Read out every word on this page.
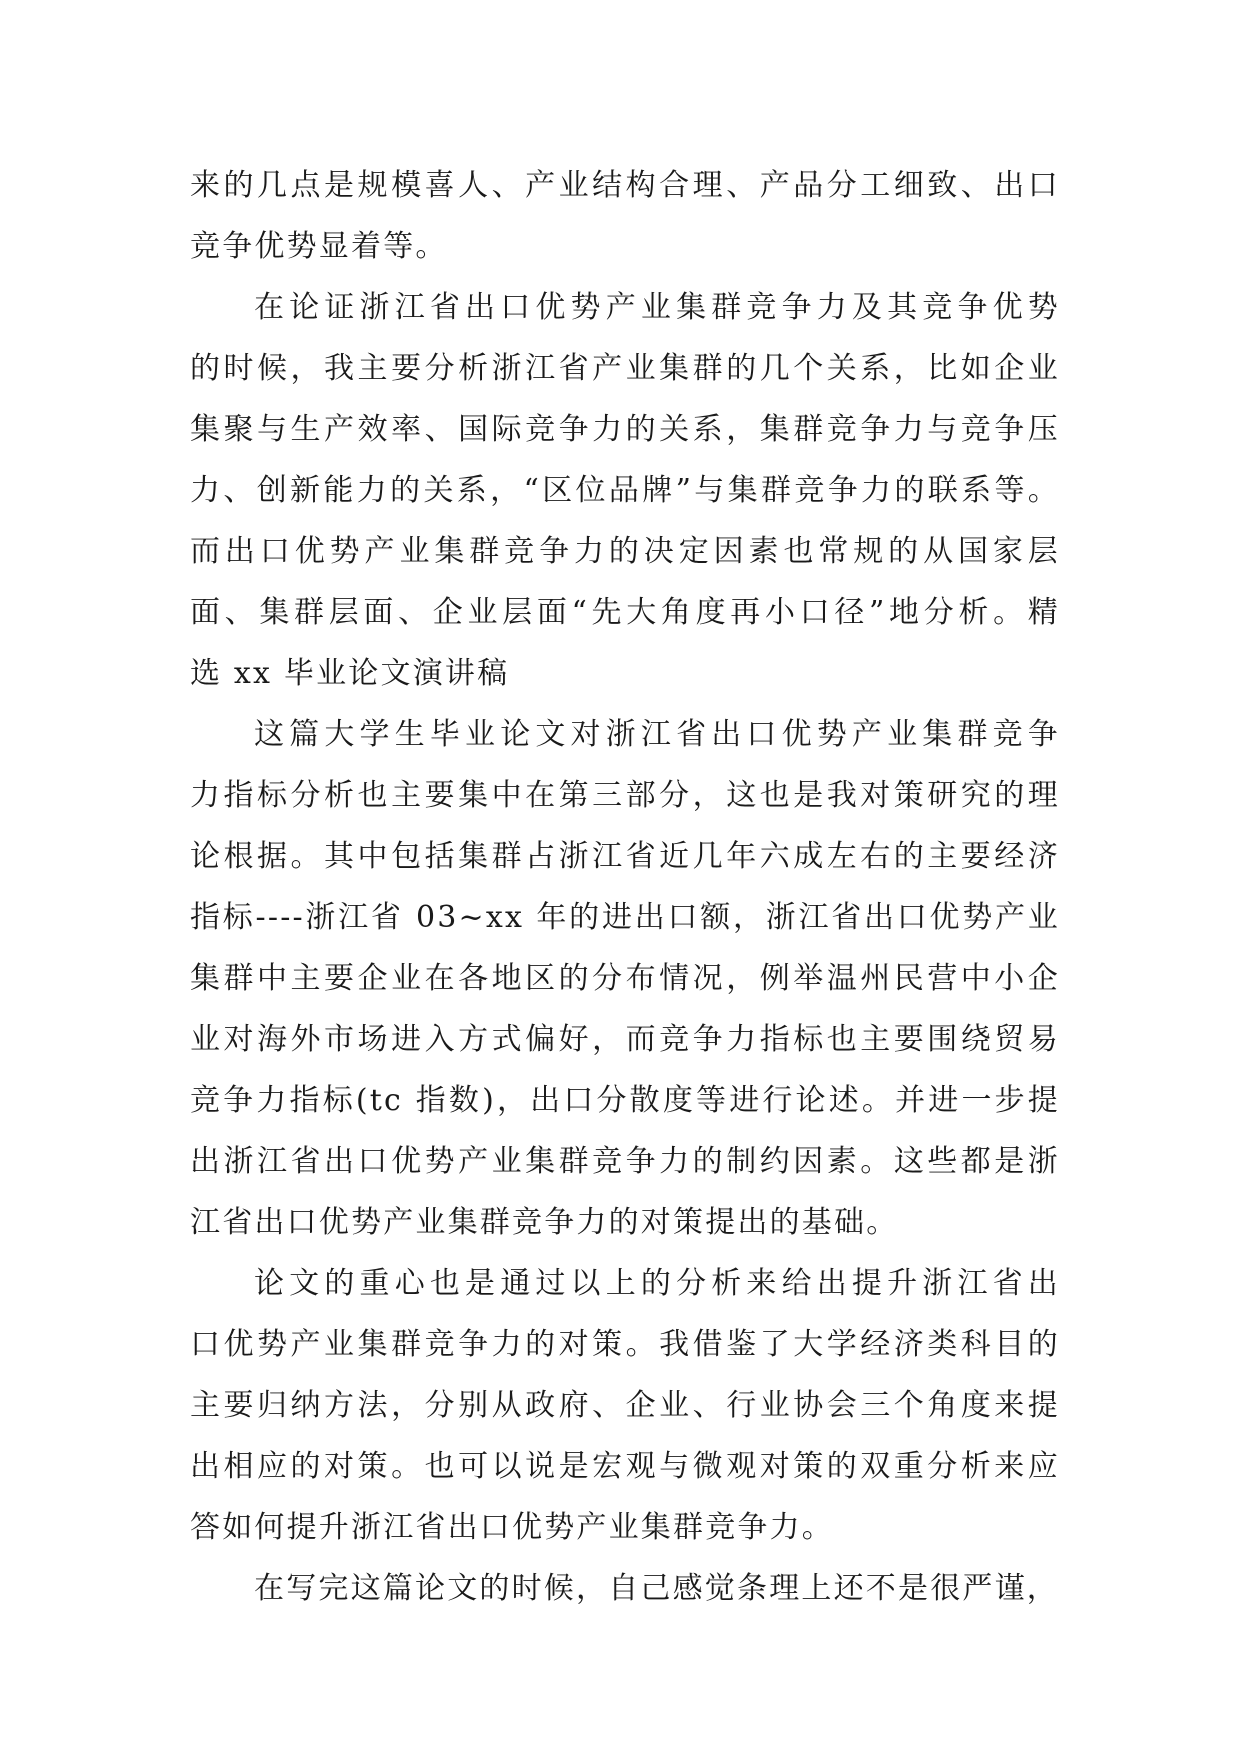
来的几点是规模喜人、产业结构合理、产品分工细致、出口
竞争优势显着等。
在论证浙江省出口优势产业集群竞争力及其竞争优势
的时候，我主要分析浙江省产业集群的几个关系，比如企业
集聚与生产效率、国际竞争力的关系，集群竞争力与竞争压
力、创新能力的关系，“区位品牌”与集群竞争力的联系等。
而出口优势产业集群竞争力的决定因素也常规的从国家层
面、集群层面、企业层面“先大角度再小口径”地分析。精
选 xx 毕业论文演讲稿
这篇大学生毕业论文对浙江省出口优势产业集群竞争
力指标分析也主要集中在第三部分，这也是我对策研究的理
论根据。其中包括集群占浙江省近几年六成左右的主要经济
指标----浙江省 03~xx 年的进出口额，浙江省出口优势产业
集群中主要企业在各地区的分布情况，例举温州民营中小企
业对海外市场进入方式偏好，而竞争力指标也主要围绕贸易
竞争力指标(tc 指数)，出口分散度等进行论述。并进一步提
出浙江省出口优势产业集群竞争力的制约因素。这些都是浙
江省出口优势产业集群竞争力的对策提出的基础。
论文的重心也是通过以上的分析来给出提升浙江省出
口优势产业集群竞争力的对策。我借鉴了大学经济类科目的
主要归纳方法，分别从政府、企业、行业协会三个角度来提
出相应的对策。也可以说是宏观与微观对策的双重分析来应
答如何提升浙江省出口优势产业集群竞争力。
在写完这篇论文的时候，自己感觉条理上还不是很严谨，
